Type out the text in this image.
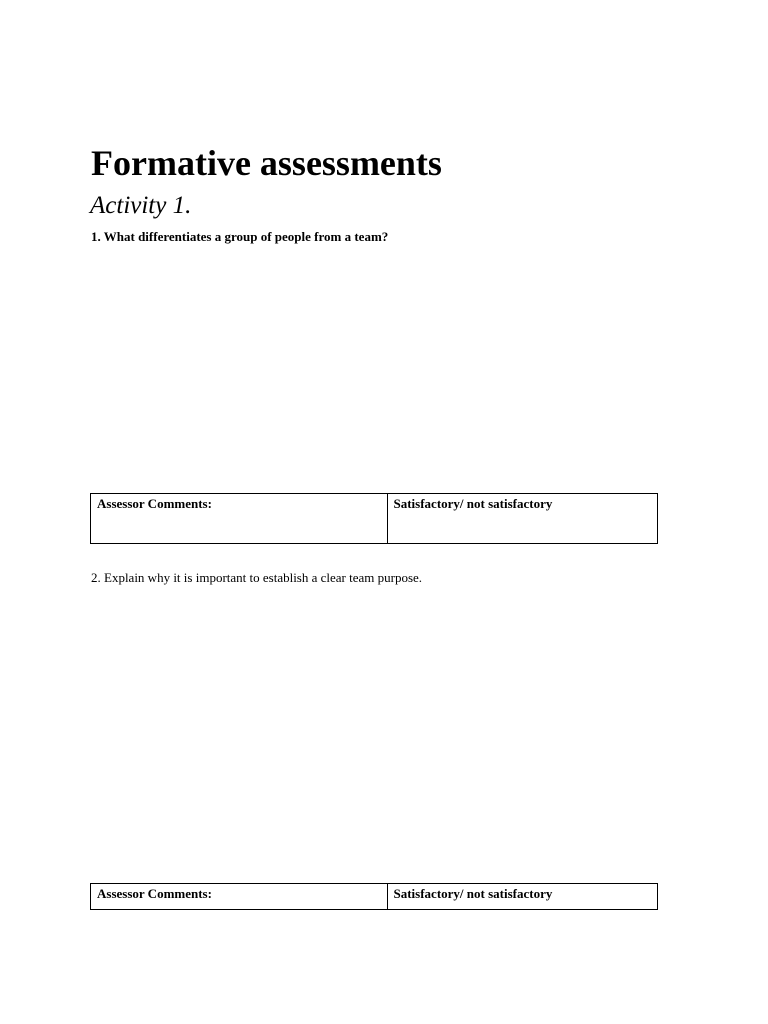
Formative assessments
Activity 1.

1. What differentiates a group of people from a team?

Assessor Comments:	Satisfactory/ not satisfactory

2. Explain why it is important to establish a clear team purpose.

Assessor Comments:	Satisfactory/ not satisfactory
